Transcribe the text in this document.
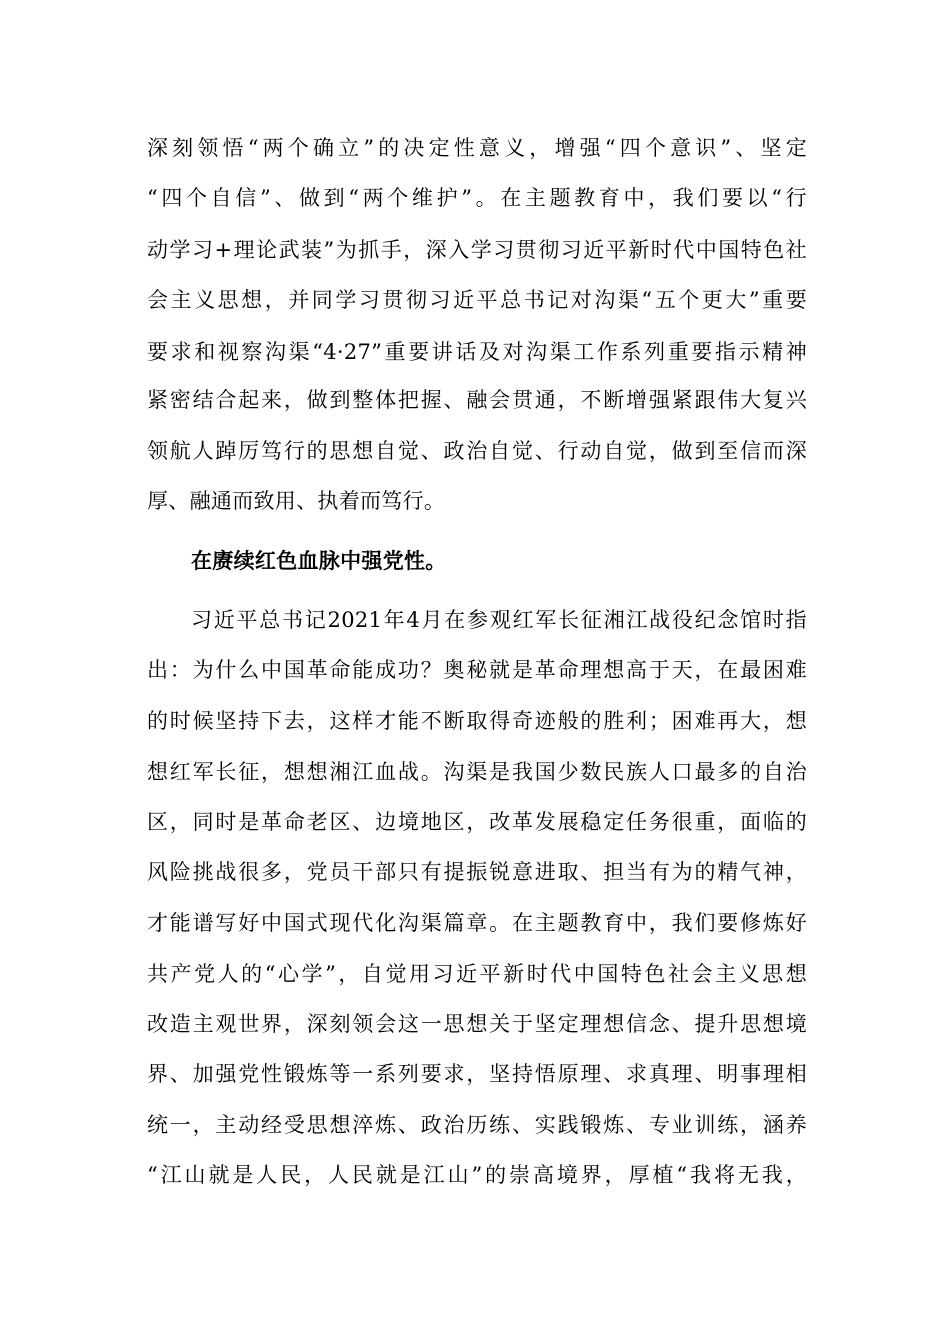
深刻领悟“两个确立”的决定性意义，增强“四个意识”、坚定
“四个自信”、做到“两个维护”。在主题教育中，我们要以“行
动学习+理论武装”为抓手，深入学习贯彻习近平新时代中国特色社
会主义思想，并同学习贯彻习近平总书记对沟渠“五个更大”重要
要求和视察沟渠“4·27”重要讲话及对沟渠工作系列重要指示精神
紧密结合起来，做到整体把握、融会贯通，不断增强紧跟伟大复兴
领航人踔厉笃行的思想自觉、政治自觉、行动自觉，做到至信而深
厚、融通而致用、执着而笃行。
在赓续红色血脉中强党性。
习近平总书记2021年4月在参观红军长征湘江战役纪念馆时指
出：为什么中国革命能成功？奥秘就是革命理想高于天，在最困难
的时候坚持下去，这样才能不断取得奇迹般的胜利；困难再大，想
想红军长征，想想湘江血战。沟渠是我国少数民族人口最多的自治
区，同时是革命老区、边境地区，改革发展稳定任务很重，面临的
风险挑战很多，党员干部只有提振锐意进取、担当有为的精气神，
才能谱写好中国式现代化沟渠篇章。在主题教育中，我们要修炼好
共产党人的“心学”，自觉用习近平新时代中国特色社会主义思想
改造主观世界，深刻领会这一思想关于坚定理想信念、提升思想境
界、加强党性锻炼等一系列要求，坚持悟原理、求真理、明事理相
统一，主动经受思想淬炼、政治历练、实践锻炼、专业训练，涵养
“江山就是人民，人民就是江山”的崇高境界，厚植“我将无我，
